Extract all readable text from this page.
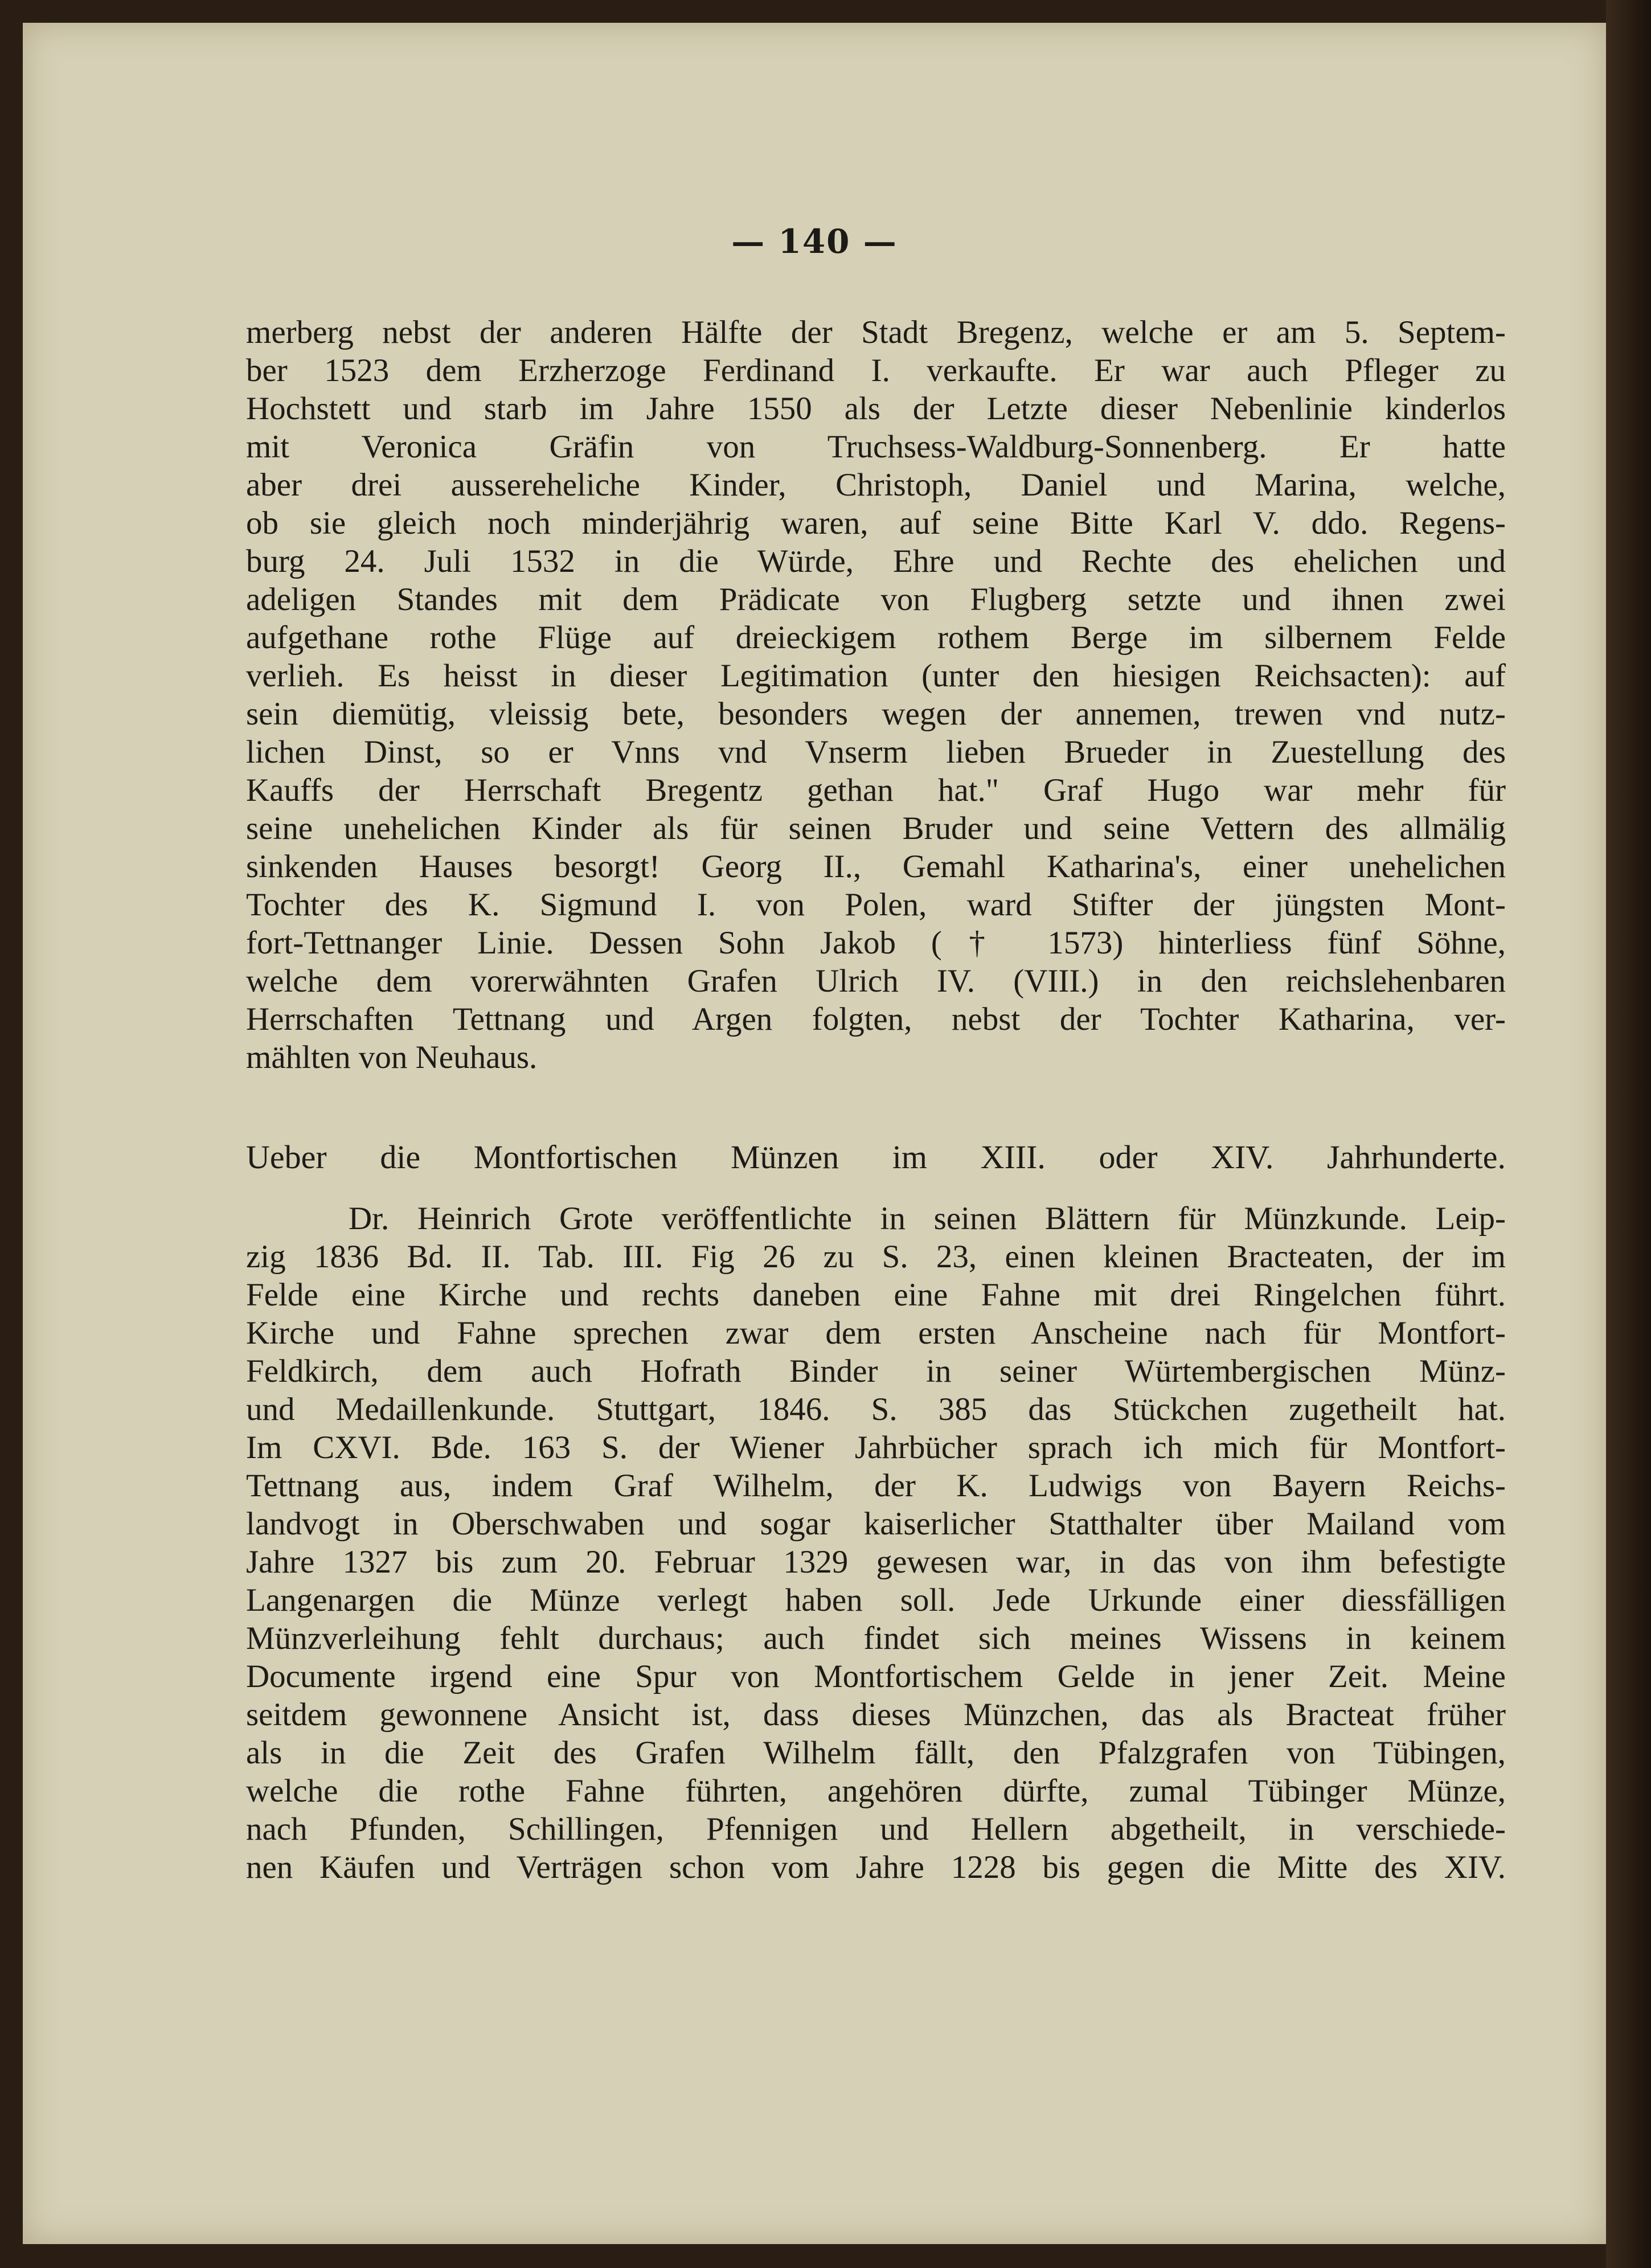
— 140 —
merberg nebst der anderen Hälfte der Stadt Bregenz, welche er am 5. Septem-
ber 1523 dem Erzherzoge Ferdinand I. verkaufte. Er war auch Pfleger zu
Hochstett und starb im Jahre 1550 als der Letzte dieser Nebenlinie kinderlos
mit Veronica Gräfin von Truchsess-Waldburg-Sonnenberg. Er hatte
aber drei aussereheliche Kinder, Christoph, Daniel und Marina, welche,
ob sie gleich noch minderjährig waren, auf seine Bitte Karl V. ddo. Regens-
burg 24. Juli 1532 in die Würde, Ehre und Rechte des ehelichen und
adeligen Standes mit dem Prädicate von Flugberg setzte und ihnen zwei
aufgethane rothe Flüge auf dreieckigem rothem Berge im silbernem Felde
verlieh. Es heisst in dieser Legitimation (unter den hiesigen Reichsacten): auf
sein diemütig, vleissig bete, besonders wegen der annemen, trewen vnd nutz-
lichen Dinst, so er Vnns vnd Vnserm lieben Brueder in Zuestellung des
Kauffs der Herrschaft Bregentz gethan hat." Graf Hugo war mehr für
seine unehelichen Kinder als für seinen Bruder und seine Vettern des allmälig
sinkenden Hauses besorgt! Georg II., Gemahl Katharina's, einer unehelichen
Tochter des K. Sigmund I. von Polen, ward Stifter der jüngsten Mont-
fort-Tettnanger Linie. Dessen Sohn Jakob († 1573) hinterliess fünf Söhne,
welche dem vorerwähnten Grafen Ulrich IV. (VIII.) in den reichslehenbaren
Herrschaften Tettnang und Argen folgten, nebst der Tochter Katharina, ver-
mählten von Neuhaus.
Ueber die Montfortischen Münzen im XIII. oder XIV. Jahrhunderte.
Dr. Heinrich Grote veröffentlichte in seinen Blättern für Münzkunde. Leip-
zig 1836 Bd. II. Tab. III. Fig 26 zu S. 23, einen kleinen Bracteaten, der im
Felde eine Kirche und rechts daneben eine Fahne mit drei Ringelchen führt.
Kirche und Fahne sprechen zwar dem ersten Anscheine nach für Montfort-
Feldkirch, dem auch Hofrath Binder in seiner Würtembergischen Münz-
und Medaillenkunde. Stuttgart, 1846. S. 385 das Stückchen zugetheilt hat.
Im CXVI. Bde. 163 S. der Wiener Jahrbücher sprach ich mich für Montfort-
Tettnang aus, indem Graf Wilhelm, der K. Ludwigs von Bayern Reichs-
landvogt in Oberschwaben und sogar kaiserlicher Statthalter über Mailand vom
Jahre 1327 bis zum 20. Februar 1329 gewesen war, in das von ihm befestigte
Langenargen die Münze verlegt haben soll. Jede Urkunde einer diessfälligen
Münzverleihung fehlt durchaus; auch findet sich meines Wissens in keinem
Documente irgend eine Spur von Montfortischem Gelde in jener Zeit. Meine
seitdem gewonnene Ansicht ist, dass dieses Münzchen, das als Bracteat früher
als in die Zeit des Grafen Wilhelm fällt, den Pfalzgrafen von Tübingen,
welche die rothe Fahne führten, angehören dürfte, zumal Tübinger Münze,
nach Pfunden, Schillingen, Pfennigen und Hellern abgetheilt, in verschiede-
nen Käufen und Verträgen schon vom Jahre 1228 bis gegen die Mitte des XIV.
